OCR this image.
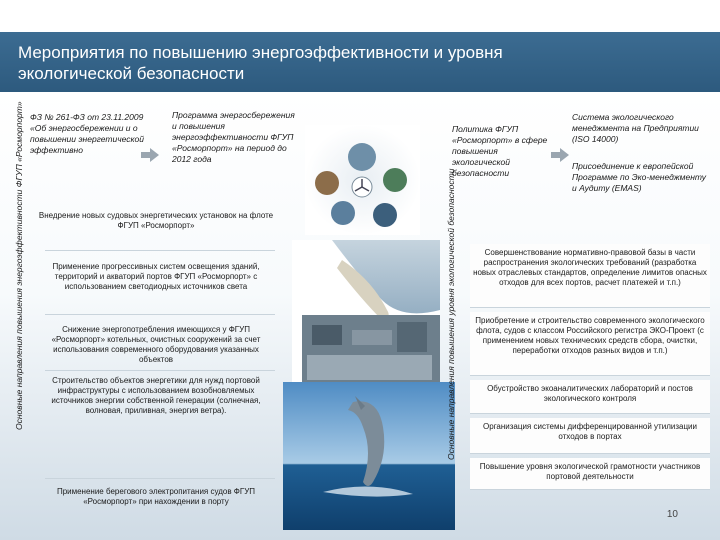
Мероприятия по повышению энергоэффективности и уровня экологической безопасности
ФЗ № 261-ФЗ от 23.11.2009 «Об энергосбережении и о повышении энергетической эффективно
Программа энергосбережения и повышения энергоэффективности ФГУП «Росморпорт» на период до 2012 года
Политика ФГУП «Росморпорт» в сфере повышения экологической безопасности
Система экологического менеджмента на Предприятии (ISO 14000)
Присоединение к европейской Программе по Эко-менеджменту и Аудиту (EMAS)
Основные направления повышения энергоэффективности ФГУП «Росморпорт»	Основные направления повышения уровня экологической безопасности
Внедрение новых судовых энергетических установок на флоте ФГУП «Росморпорт»
Применение прогрессивных систем освещения зданий, территорий и акваторий портов ФГУП «Росморпорт» с использованием светодиодных источников света
Снижение энергопотребления имеющихся у ФГУП «Росморпорт» котельных, очистных сооружений за счет использования современного оборудования указанных объектов
Строительство объектов энергетики для нужд портовой инфраструктуры с использованием возобновляемых источников энергии собственной генерации (солнечная, волновая, приливная, энергия ветра).
Применение берегового электропитания судов ФГУП «Росморпорт» при нахождении в порту
Совершенствование нормативно-правовой базы в части распространения экологических требований (разработка новых отраслевых стандартов, определение лимитов опасных отходов для всех портов, расчет платежей и т.п.)
Приобретение и строительство современного экологического флота, судов с классом Российского регистра ЭКО-Проект (с применением новых технических средств сбора, очистки, переработки отходов разных видов и т.п.)
Обустройство экоаналитических лабораторий и постов экологического контроля
Организация системы дифференцированной утилизации отходов в портах
Повышение уровня экологической грамотности участников портовой деятельности
10
